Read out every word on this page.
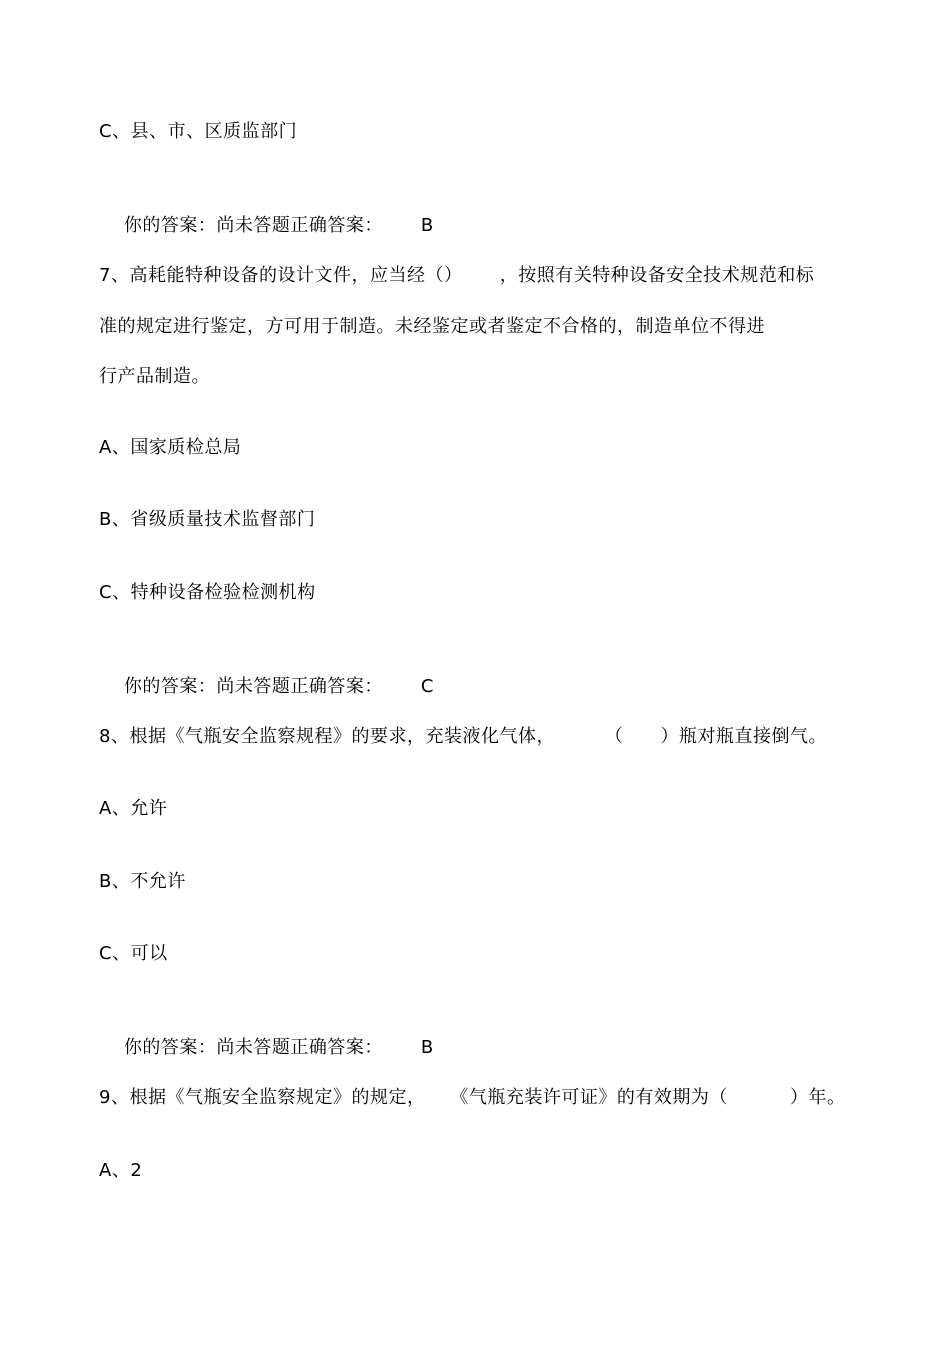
C、县、市、区质监部门

你的答案：尚未答题正确答案： B

7、高耗能特种设备的设计文件，应当经（）      ，按照有关特种设备安全技术规范和标
准的规定进行鉴定，方可用于制造。未经鉴定或者鉴定不合格的，制造单位不得进
行产品制造。
A、国家质检总局
B、省级质量技术监督部门
C、特种设备检验检测机构

你的答案：尚未答题正确答案： C

8、根据《气瓶安全监察规程》的要求，充装液化气体，        （      ）瓶对瓶直接倒气。
A、允许
B、不允许
C、可以

你的答案：尚未答题正确答案： B

9、根据《气瓶安全监察规定》的规定，    《气瓶充装许可证》的有效期为（          ）年。
A、2
